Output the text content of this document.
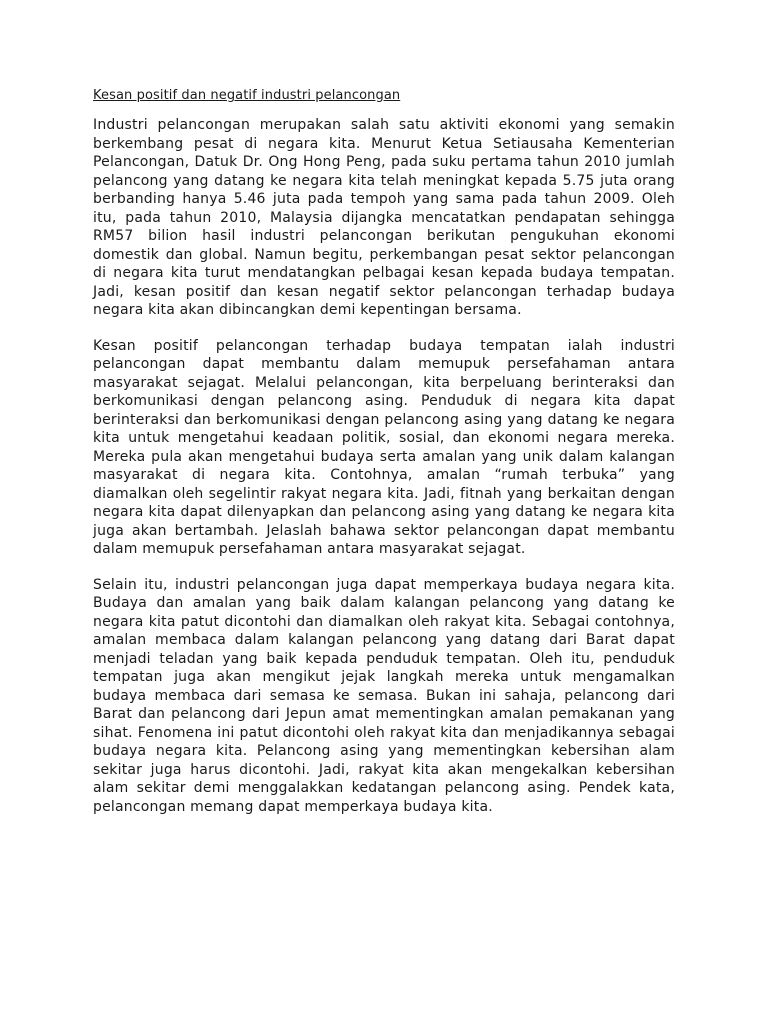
Kesan positif dan negatif industri pelancongan

Industri pelancongan merupakan salah satu aktiviti ekonomi yang semakin berkembang pesat di negara kita. Menurut Ketua Setiausaha Kementerian Pelancongan, Datuk Dr. Ong Hong Peng, pada suku pertama tahun 2010 jumlah pelancong yang datang ke negara kita telah meningkat kepada 5.75 juta orang berbanding hanya 5.46 juta pada tempoh yang sama pada tahun 2009. Oleh itu, pada tahun 2010, Malaysia dijangka mencatatkan pendapatan sehingga RM57 bilion hasil industri pelancongan berikutan pengukuhan ekonomi domestik dan global. Namun begitu, perkembangan pesat sektor pelancongan di negara kita turut mendatangkan pelbagai kesan kepada budaya tempatan. Jadi, kesan positif dan kesan negatif sektor pelancongan terhadap budaya negara kita akan dibincangkan demi kepentingan bersama.

Kesan positif pelancongan terhadap budaya tempatan ialah industri pelancongan dapat membantu dalam memupuk persefahaman antara masyarakat sejagat. Melalui pelancongan, kita berpeluang berinteraksi dan berkomunikasi dengan pelancong asing. Penduduk di negara kita dapat berinteraksi dan berkomunikasi dengan pelancong asing yang datang ke negara kita untuk mengetahui keadaan politik, sosial, dan ekonomi negara mereka. Mereka pula akan mengetahui budaya serta amalan yang unik dalam kalangan masyarakat di negara kita. Contohnya, amalan “rumah terbuka” yang diamalkan oleh segelintir rakyat negara kita. Jadi, fitnah yang berkaitan dengan negara kita dapat dilenyapkan dan pelancong asing yang datang ke negara kita juga akan bertambah. Jelaslah bahawa sektor pelancongan dapat membantu dalam memupuk persefahaman antara masyarakat sejagat.

Selain itu, industri pelancongan juga dapat memperkaya budaya negara kita. Budaya dan amalan yang baik dalam kalangan pelancong yang datang ke negara kita patut dicontohi dan diamalkan oleh rakyat kita. Sebagai contohnya, amalan membaca dalam kalangan pelancong yang datang dari Barat dapat menjadi teladan yang baik kepada penduduk tempatan. Oleh itu, penduduk tempatan juga akan mengikut jejak langkah mereka untuk mengamalkan budaya membaca dari semasa ke semasa. Bukan ini sahaja, pelancong dari Barat dan pelancong dari Jepun amat mementingkan amalan pemakanan yang sihat. Fenomena ini patut dicontohi oleh rakyat kita dan menjadikannya sebagai budaya negara kita. Pelancong asing yang mementingkan kebersihan alam sekitar juga harus dicontohi. Jadi, rakyat kita akan mengekalkan kebersihan alam sekitar demi menggalakkan kedatangan pelancong asing. Pendek kata, pelancongan memang dapat memperkaya budaya kita.
